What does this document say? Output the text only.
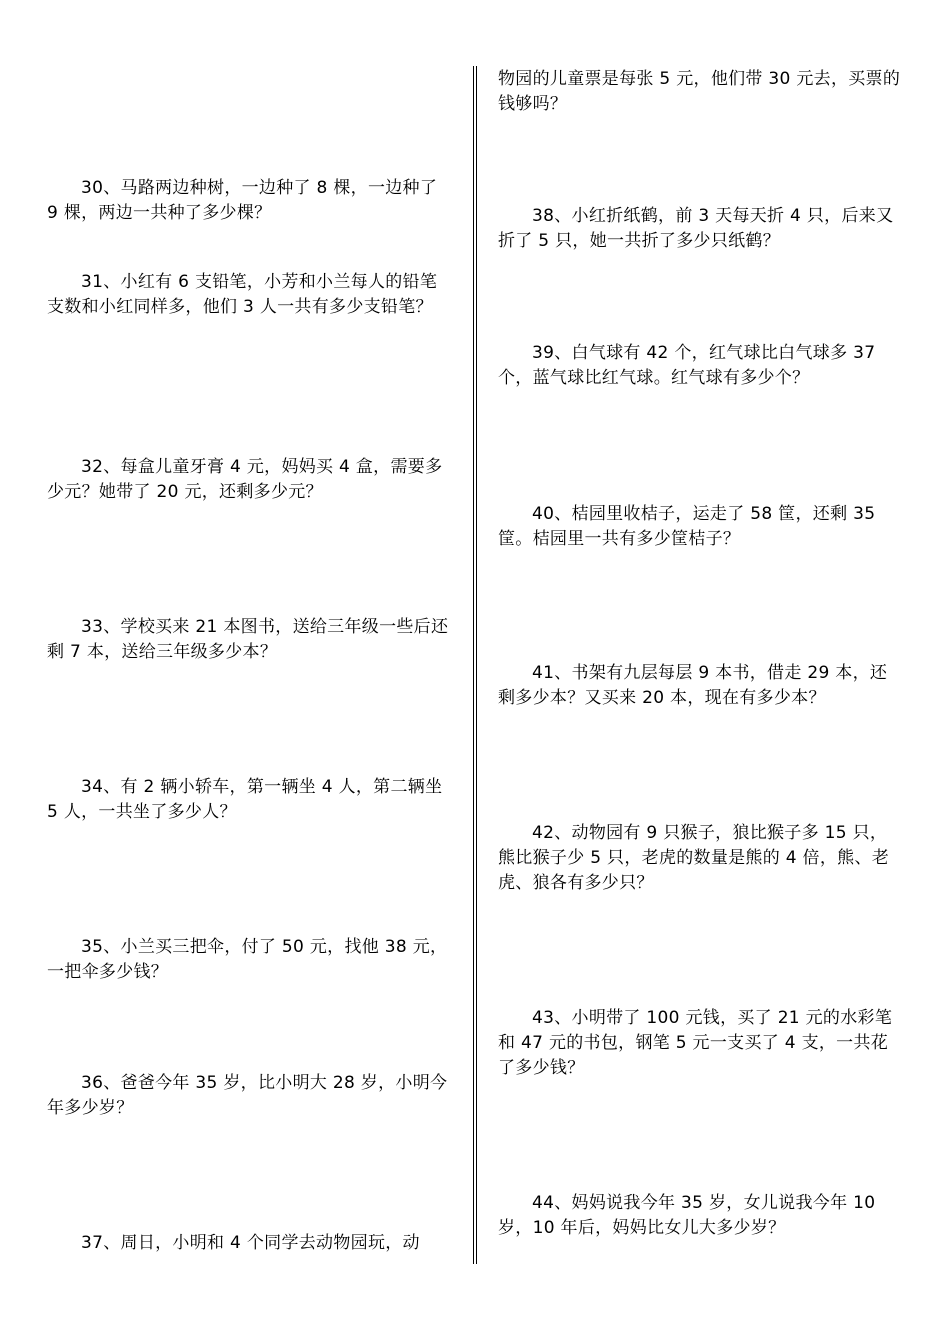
30、马路两边种树，一边种了 8 棵，一边种了 9 棵，两边一共种了多少棵？

31、小红有 6 支铅笔，小芳和小兰每人的铅笔支数和小红同样多，他们 3 人一共有多少支铅笔？

32、每盒儿童牙膏 4 元，妈妈买 4 盒，需要多少元？她带了 20 元，还剩多少元？

33、学校买来 21 本图书，送给三年级一些后还剩 7 本，送给三年级多少本？

34、有 2 辆小轿车，第一辆坐 4 人，第二辆坐 5 人，一共坐了多少人？

35、小兰买三把伞，付了 50 元，找他 38 元，一把伞多少钱？

36、爸爸今年 35 岁，比小明大 28 岁，小明今年多少岁？

37、周日，小明和 4 个同学去动物园玩，动

物园的儿童票是每张 5 元，他们带 30 元去，买票的钱够吗？

38、小红折纸鹤，前 3 天每天折 4 只，后来又折了 5 只，她一共折了多少只纸鹤？

39、白气球有 42 个，红气球比白气球多 37 个，蓝气球比红气球。红气球有多少个？

40、桔园里收桔子，运走了 58 筐，还剩 35 筐。桔园里一共有多少筐桔子？

41、书架有九层每层 9 本书，借走 29 本，还剩多少本？又买来 20 本，现在有多少本？

42、动物园有 9 只猴子，狼比猴子多 15 只，熊比猴子少 5 只，老虎的数量是熊的 4 倍，熊、老虎、狼各有多少只？

43、小明带了 100 元钱，买了 21 元的水彩笔和 47 元的书包，钢笔 5 元一支买了 4 支，一共花了多少钱？

44、妈妈说我今年 35 岁，女儿说我今年 10 岁，10 年后，妈妈比女儿大多少岁？
